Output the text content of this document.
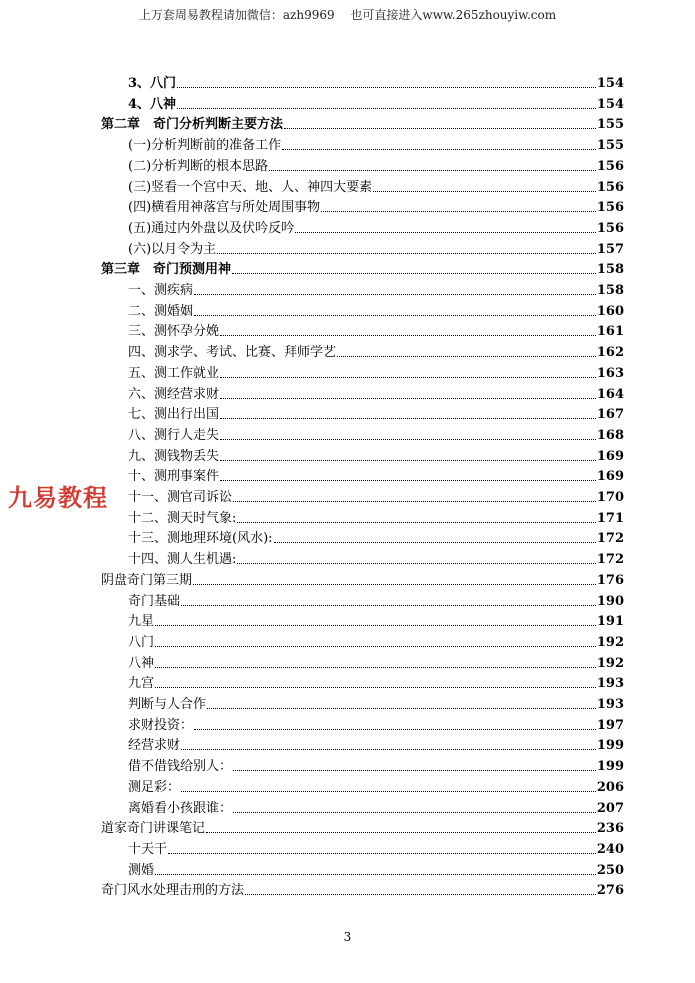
上万套周易教程请加微信：azh9969　 也可直接进入www.265zhouyiw.com
3、八门	154
4、八神	154
第二章　奇门分析判断主要方法	155
(一)分析判断前的准备工作	155
(二)分析判断的根本思路	156
(三)竖看一个宫中天、地、人、神四大要素	156
(四)横看用神落宫与所处周围事物	156
(五)通过内外盘以及伏吟反吟	156
(六)以月令为主	157
第三章　奇门预测用神	158
一、测疾病	158
二、测婚姻	160
三、测怀孕分娩	161
四、测求学、考试、比赛、拜师学艺	162
五、测工作就业	163
六、测经营求财	164
七、测出行出国	167
八、测行人走失	168
九、测钱物丢失	169
十、测刑事案件	169
十一、测官司诉讼	170
十二、测天时气象:	171
十三、测地理环境(风水):	172
十四、测人生机遇:	172
阴盘奇门第三期	176
奇门基础	190
九星	191
八门	192
八神	192
九宫	193
判断与人合作	193
求财投资：	197
经营求财	199
借不借钱给别人：	199
测足彩：	206
离婚看小孩跟谁：	207
道家奇门讲课笔记	236
十天干	240
测婚	250
奇门风水处理击刑的方法	276
九易教程
3
